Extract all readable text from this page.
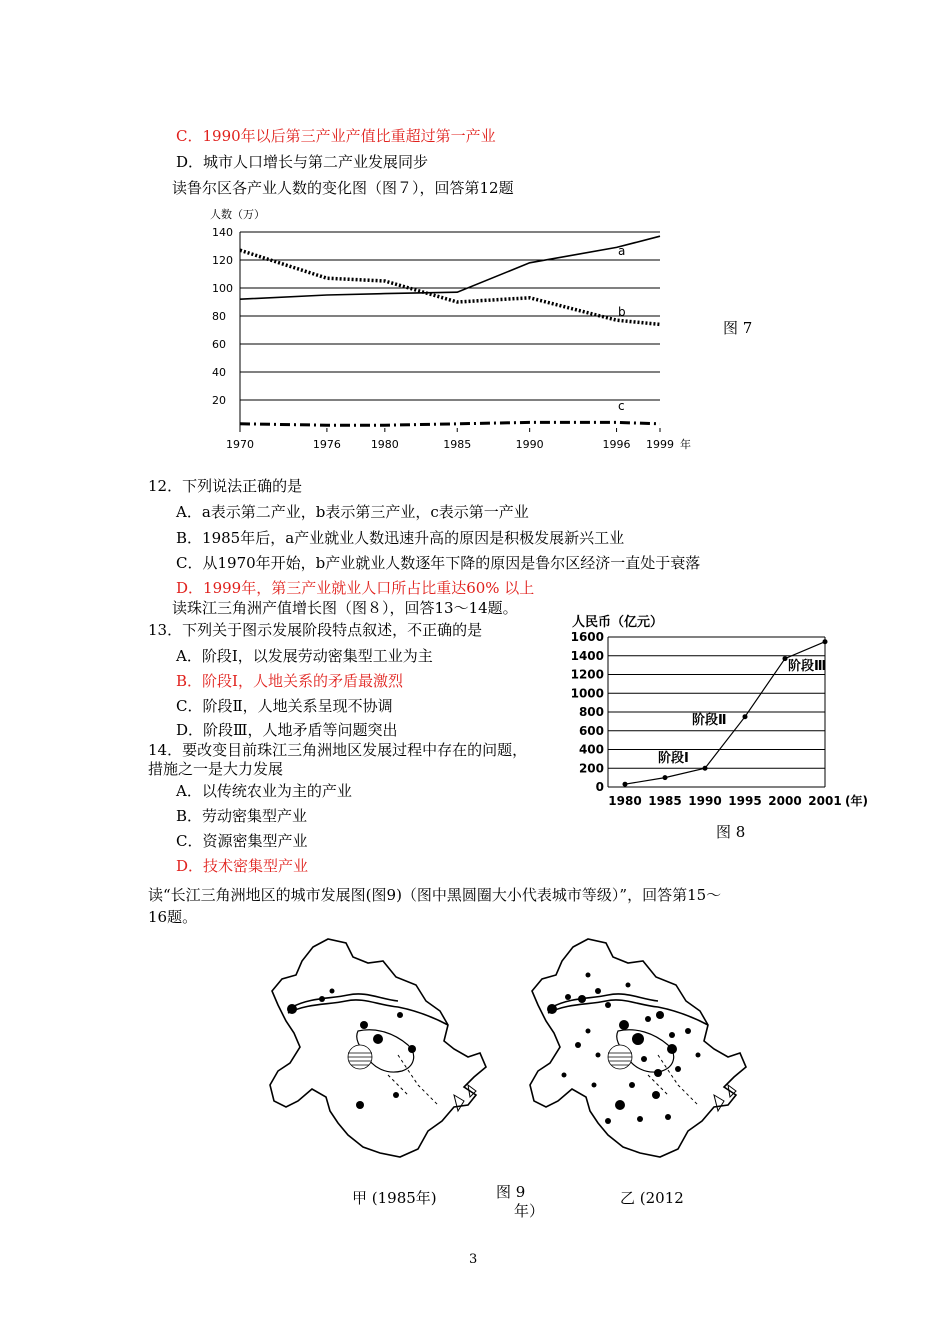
C．1990年以后第三产业产值比重超过第一产业
D．城市人口增长与第二产业发展同步
读鲁尔区各产业人数的变化图（图７），回答第12题
人数（万）
140
120
100
80
60
40
20
1970	1976	1980	1985	1990	1996 1999 年
a
b
c
图 7
12．下列说法正确的是
A．a表示第二产业，b表示第三产业，c表示第一产业
B．1985年后，a产业就业人数迅速升高的原因是积极发展新兴工业
C．从1970年开始，b产业就业人数逐年下降的原因是鲁尔区经济一直处于衰落
D．1999年，第三产业就业人口所占比重达60% 以上
读珠江三角洲产值增长图（图８），回答13～14题。
13．下列关于图示发展阶段特点叙述，不正确的是
A．阶段Ⅰ，以发展劳动密集型工业为主
B．阶段Ⅰ，人地关系的矛盾最激烈
C．阶段Ⅱ，人地关系呈现不协调
D．阶段Ⅲ，人地矛盾等问题突出
14．要改变目前珠江三角洲地区发展过程中存在的问题，
措施之一是大力发展
A．以传统农业为主的产业
B．劳动密集型产业
C．资源密集型产业
D．技术密集型产业
人民币（亿元）
1600
1400
1200
1000
800
600
400
200
0
1980 1985 1990 1995 2000 2001 (年)
阶段Ⅰ
阶段Ⅱ
阶段Ⅲ
图 8
读“长江三角洲地区的城市发展图(图9)（图中黑圆圈大小代表城市等级）”，回答第15～
16题。
甲 (1985年)	图 9
年）
乙 (2012
3
